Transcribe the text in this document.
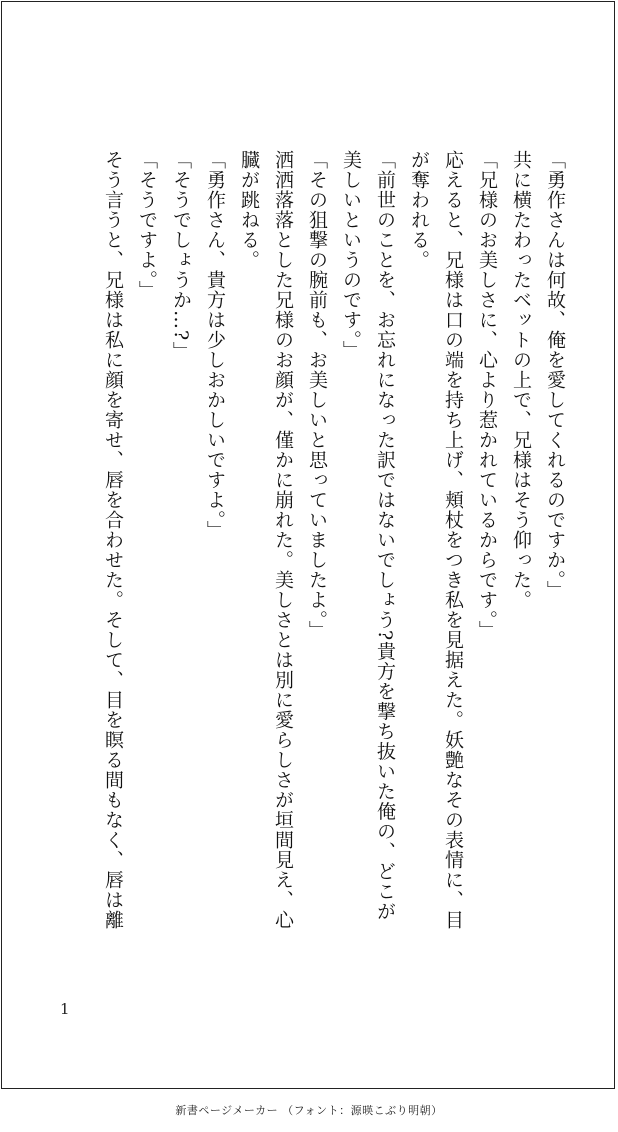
「勇作さんは何故、俺を愛してくれるのですか。」
共に横たわったベットの上で、兄様はそう仰った。
「兄様のお美しさに、心より惹かれているからです。」
応えると、兄様は口の端を持ち上げ、頬杖をつき私を見据えた。妖艶なその表情に、目
が奪われる。
「前世のことを、お忘れになった訳ではないでしょう?貴方を撃ち抜いた俺の、どこが
美しいというのです。」
「その狙撃の腕前も、お美しいと思っていましたよ。」
洒洒落落とした兄様のお顔が、僅かに崩れた。美しさとは別に愛らしさが垣間見え、心
臓が跳ねる。
「勇作さん、貴方は少しおかしいですよ。」
「そうでしょうか…?」
「そうですよ。」
そう言うと、兄様は私に顔を寄せ、唇を合わせた。そして、目を瞑る間もなく、唇は離
1
新書ページメーカー （フォント：源暎こぶり明朝）
